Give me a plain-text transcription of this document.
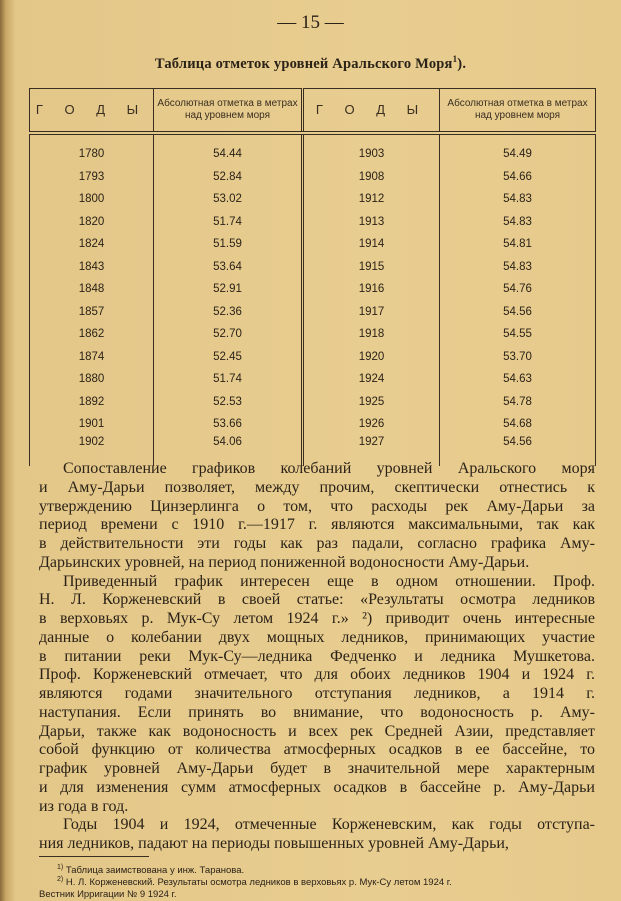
— 15 —
Таблица отметок уровней Аральского Моря$^1$).
Г О Д Ы	Абсолютная отметка в метрах над уровнем моря	Г О Д Ы	Абсолютная отметка в метрах над уровнем моря
1780	54.44	1903	54.49
1793	52.84	1908	54.66
1800	53.02	1912	54.83
1820	51.74	1913	54.83
1824	51.59	1914	54.81
1843	53.64	1915	54.83
1848	52.91	1916	54.76
1857	52.36	1917	54.56
1862	52.70	1918	54.55
1874	52.45	1920	53.70
1880	51.74	1924	54.63
1892	52.53	1925	54.78
1901	53.66	1926	54.68
1902	54.06	1927	54.56
Сопоставление графиков колебаний уровней Аральского моря
и Аму-Дарьи позволяет, между прочим, скептически отнестись к
утверждению Цинзерлинга о том, что расходы рек Аму-Дарьи за
период времени с 1910 г.—1917 г. являются максимальными, так как
в действительности эти годы как раз падали, согласно графика Аму-
Дарьинских уровней, на период пониженной водоносности Аму-Дарьи.
Приведенный график интересен еще в одном отношении. Проф.
Н. Л. Корженевский в своей статье: «Результаты осмотра ледников
в верховьях р. Мук-Су летом 1924 г.» ²) приводит очень интересные
данные о колебании двух мощных ледников, принимающих участие
в питании реки Мук-Су—ледника Федченко и ледника Мушкетова.
Проф. Корженевский отмечает, что для обоих ледников 1904 и 1924 г.
являются годами значительного отступания ледников, а 1914 г.
наступания. Если принять во внимание, что водоносность р. Аму-
Дарьи, также как водоносность и всех рек Средней Азии, представляет
собой функцию от количества атмосферных осадков в ее бассейне, то
график уровней Аму-Дарьи будет в значительной мере характерным
и для изменения сумм атмосферных осадков в бассейне р. Аму-Дарьи
из года в год.
Годы 1904 и 1924, отмеченные Корженевским, как годы отступа-
ния ледников, падают на периоды повышенных уровней Аму-Дарьи,
$^{1)}$ Таблица заимствована у инж. Таранова.
$^{2)}$ Н. Л. Корженевский. Результаты осмотра ледников в верховьях р. Мук-Су летом 1924 г.
Вестник Ирригации № 9 1924 г.
